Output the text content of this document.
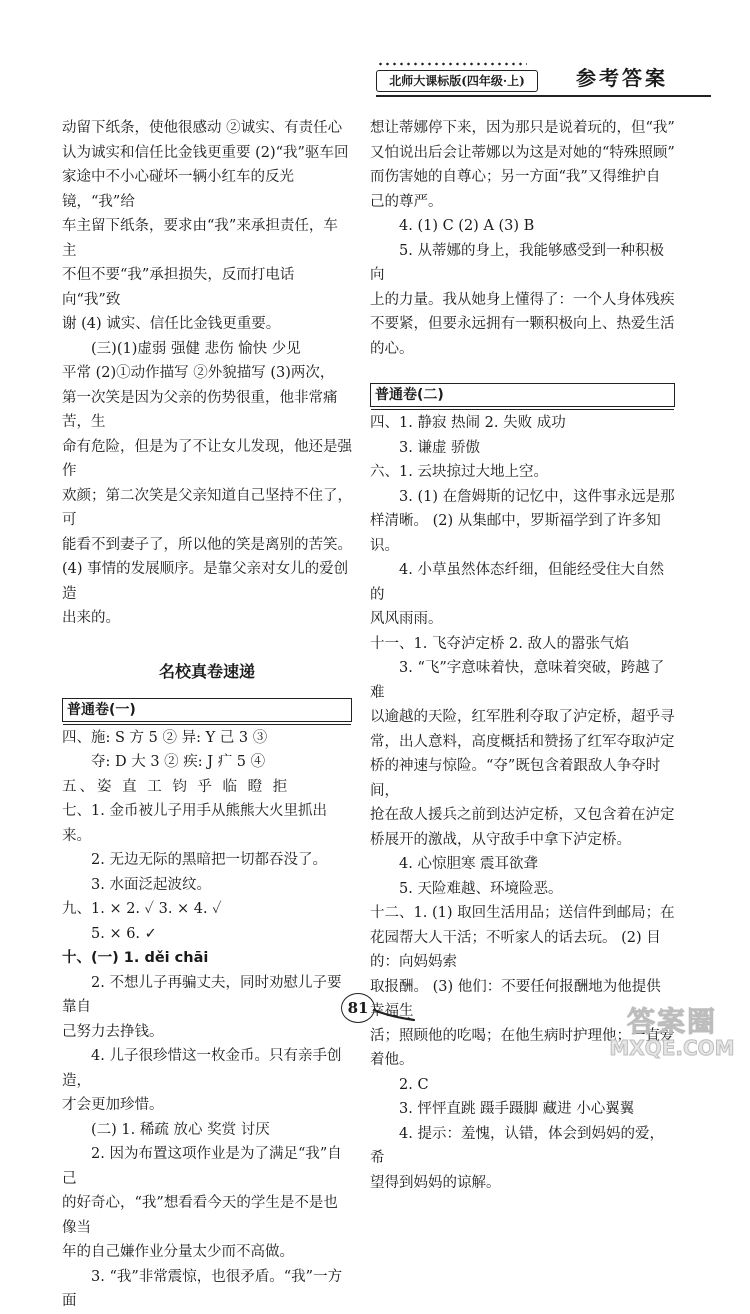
北师大课标版(四年级·上)	参考答案

动留下纸条，使他很感动 ②诚实、有责任心

认为诚实和信任比金钱更重要 (2)“我”驱车回

家途中不小心碰坏一辆小红车的反光镜，“我”给

车主留下纸条，要求由“我”来承担责任，车主

不但不要“我”承担损失，反而打电话向“我”致

谢 (4) 诚实、信任比金钱更重要。

(三)(1)虚弱 强健 悲伤 愉快 少见

平常 (2)①动作描写 ②外貌描写 (3)两次，

第一次笑是因为父亲的伤势很重，他非常痛苦，生

命有危险，但是为了不让女儿发现，他还是强作

欢颜；第二次笑是父亲知道自己坚持不住了，可

能看不到妻子了，所以他的笑是离别的苦笑。

(4) 事情的发展顺序。是靠父亲对女儿的爱创造

出来的。

名校真卷速递
普通卷(一)

四、施: S 方 5 ② 异: Y 己 3 ③

夺: D 大 3 ② 疾: J 疒 5 ④

五、姿 直 工 钧 乎 临 瞪 拒

七、1. 金币被儿子用手从熊熊大火里抓出来。

2. 无边无际的黑暗把一切都吞没了。

3. 水面泛起波纹。

九、1. × 2. ✓ 3. × 4. ✓

5. × 6. ✓

十、(一) 1. děi chāi

2. 不想儿子再骗丈夫，同时劝慰儿子要靠自

己努力去挣钱。

4. 儿子很珍惜这一枚金币。只有亲手创造，

才会更加珍惜。

(二) 1. 稀疏 放心 奖赏 讨厌

2. 因为布置这项作业是为了满足“我”自己

的好奇心，“我”想看看今天的学生是不是也像当

年的自己嫌作业分量太少而不高做。

3. “我”非常震惊，也很矛盾。“我”一方面

想让蒂娜停下来，因为那只是说着玩的，但“我”

又怕说出后会让蒂娜以为这是对她的“特殊照顾”

而伤害她的自尊心；另一方面“我”又得维护自

己的尊严。

4. (1) C (2) A (3) B

5. 从蒂娜的身上，我能够感受到一种积极向

上的力量。我从她身上懂得了：一个人身体残疾

不要紧，但要永远拥有一颗积极向上、热爱生活

的心。

普通卷(二)

四、1. 静寂 热闹 2. 失败 成功

3. 谦虚 骄傲

六、1. 云块掠过大地上空。

3. (1) 在詹姆斯的记忆中，这件事永远是那

样清晰。 (2) 从集邮中，罗斯福学到了许多知识。

4. 小草虽然体态纤细，但能经受住大自然的

风风雨雨。

十一、1. 飞夺泸定桥 2. 敌人的嚣张气焰

3. “飞”字意味着快，意味着突破，跨越了难

以逾越的天险，红军胜利夺取了泸定桥，超乎寻

常，出人意料，高度概括和赞扬了红军夺取泸定

桥的神速与惊险。“夺”既包含着跟敌人争夺时间，

抢在敌人援兵之前到达泸定桥，又包含着在泸定

桥展开的激战，从守敌手中拿下泸定桥。

4. 心惊胆寒 震耳欲聋

5. 天险难越、环境险恶。

十二、1. (1) 取回生活用品；送信件到邮局；在

花园帮大人干活；不听家人的话去玩。 (2) 目的：向妈妈索

取报酬。 (3) 他们：不要任何报酬地为他提供幸福生

活；照顾他的吃喝；在他生病时护理他；一直爱

着他。

2. C

3. 怦怦直跳 蹑手蹑脚 藏进 小心翼翼

4. 提示：羞愧，认错，体会到妈妈的爱，希

望得到妈妈的谅解。

81	答案圈
MXQE.COM
